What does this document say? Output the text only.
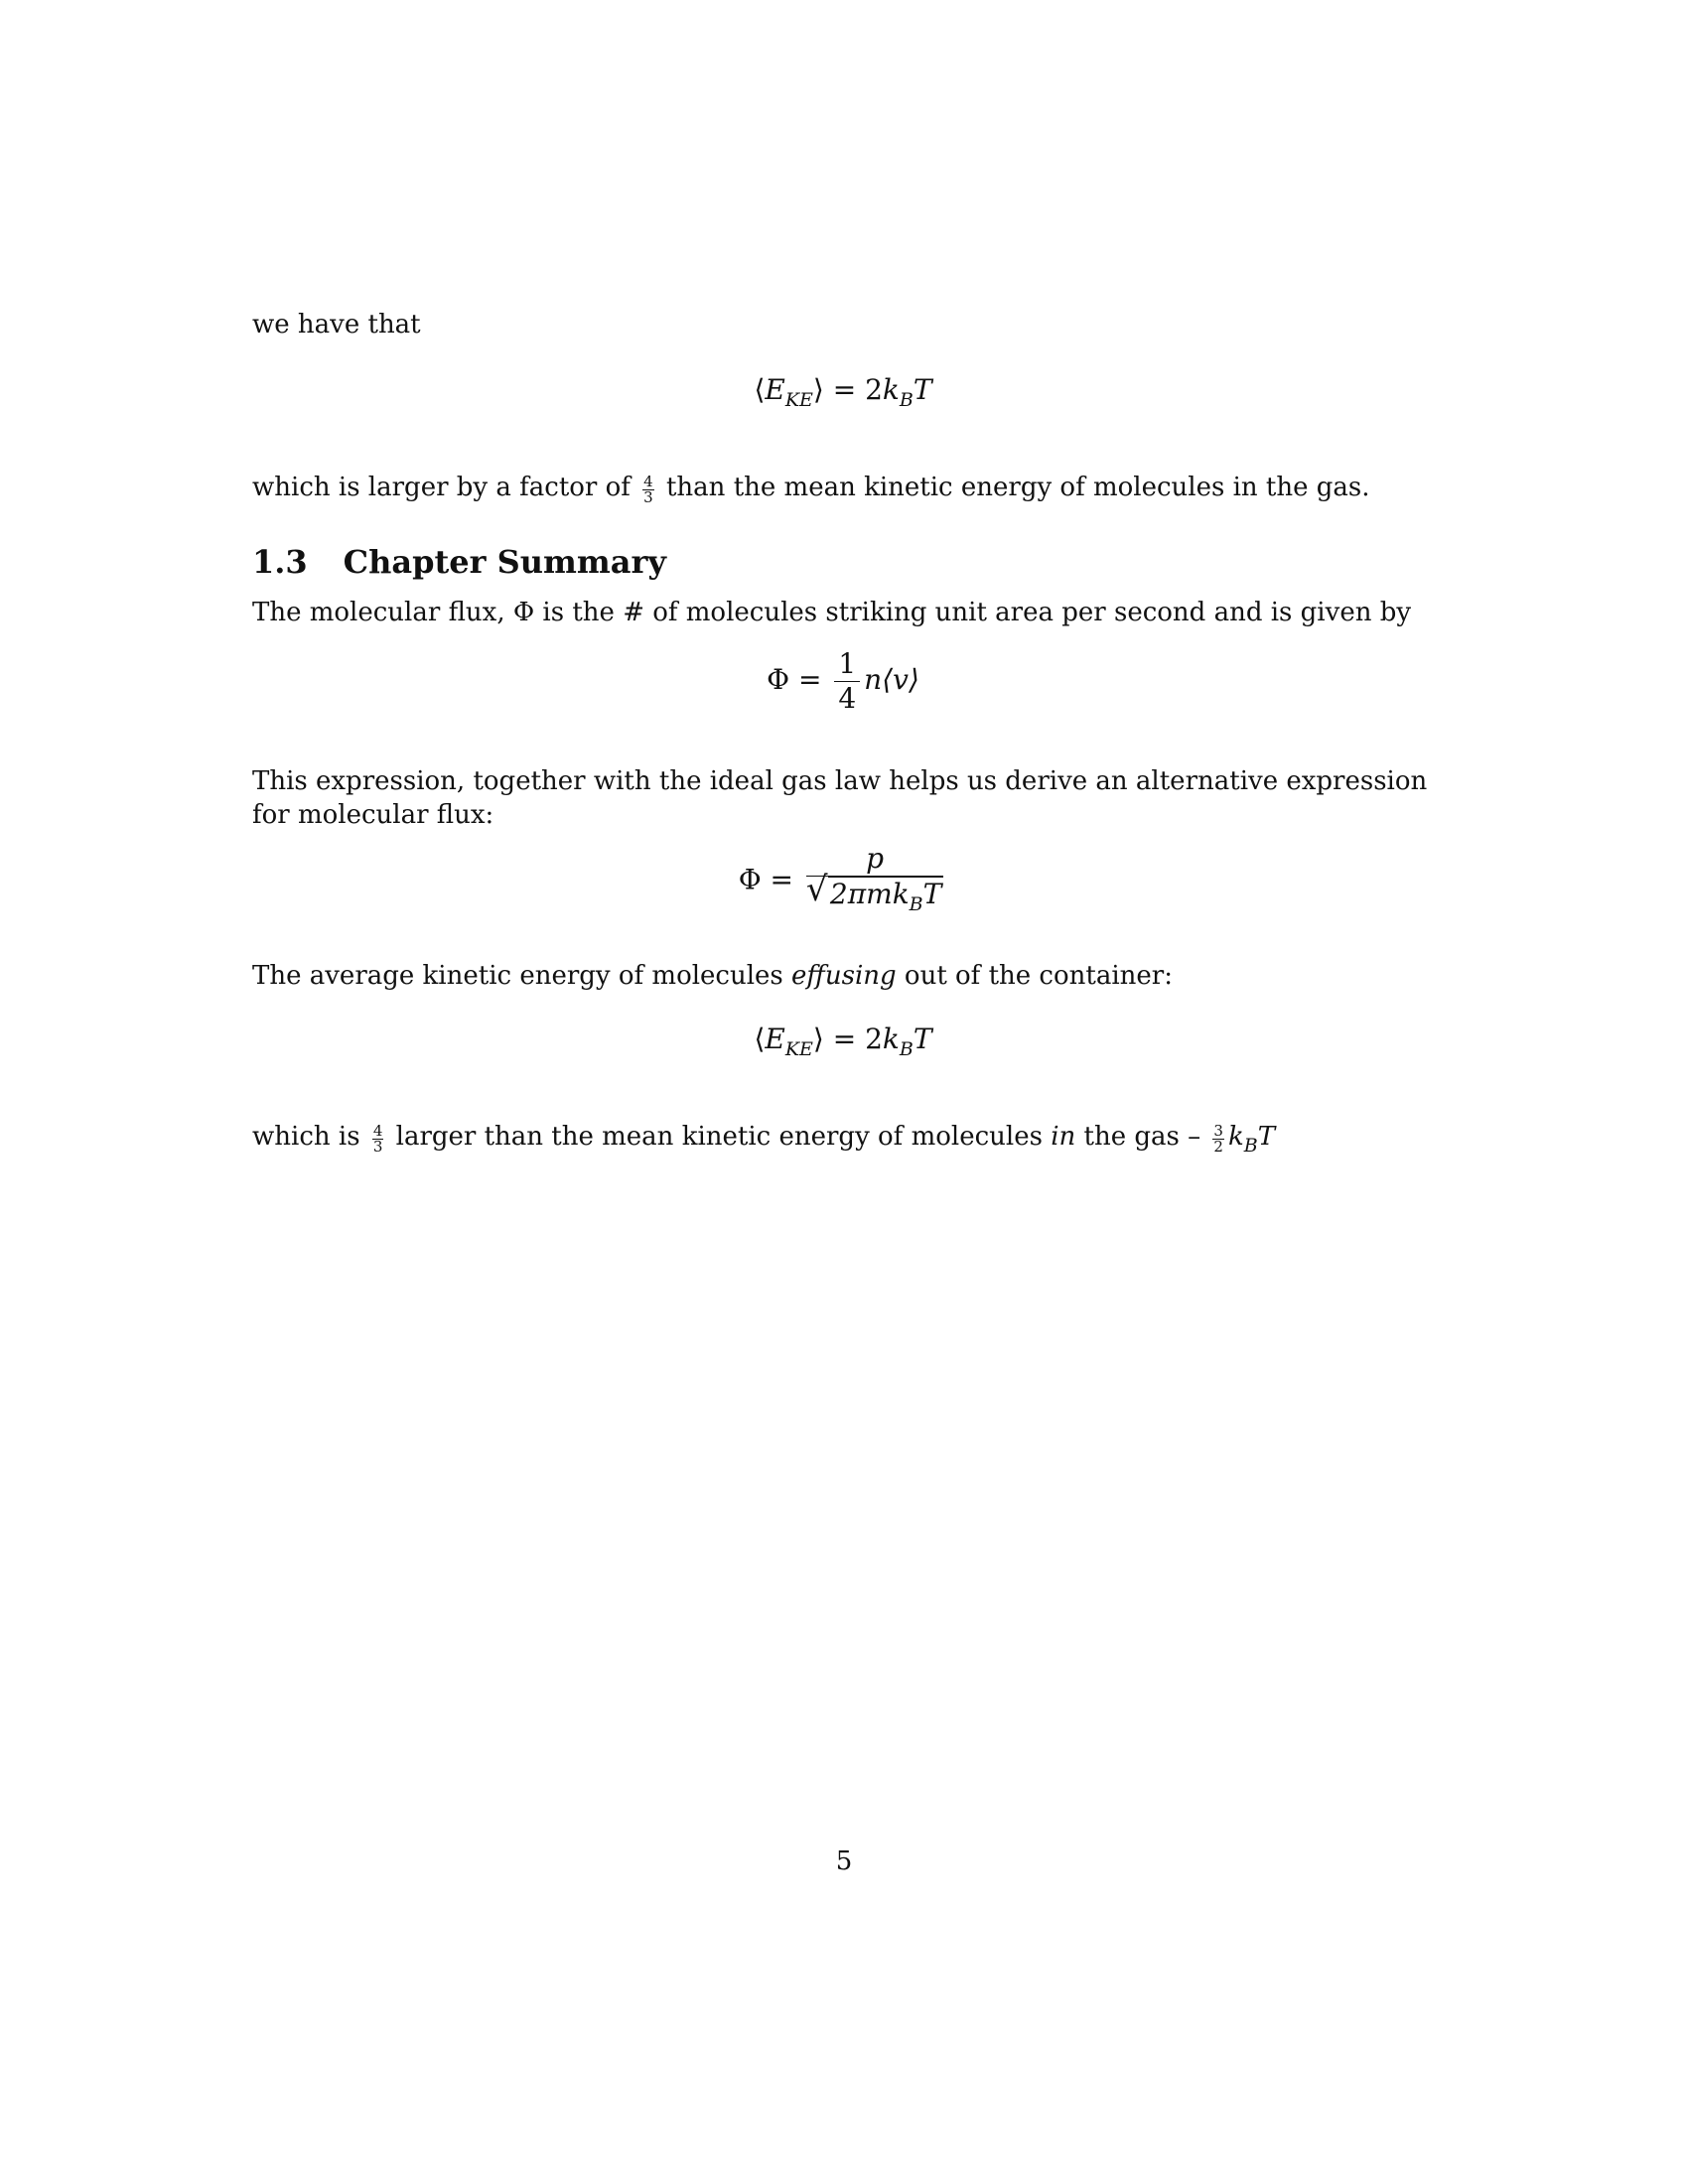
we have that
$⟨E_{KE}⟩ = 2k_BT$
which is larger by a factor of $\frac{4}{3}$ than the mean kinetic energy of molecules in the gas.
1.3 Chapter Summary
The molecular flux, Φ is the # of molecules striking unit area per second and is given by
$\Phi = \frac{1}{4}$ n⟨v⟩
This expression, together with the ideal gas law helps us derive an alternative expression for molecular flux:
$\Phi = \frac{p}{√ 2\pi mk_BT}$
The average kinetic energy of molecules effusing out of the container:
$⟨E_{KE}⟩ = 2k_BT$
which is $\frac{4}{3}$ larger than the mean kinetic energy of molecules in the gas – $\frac{3}{2} k_BT$
5
